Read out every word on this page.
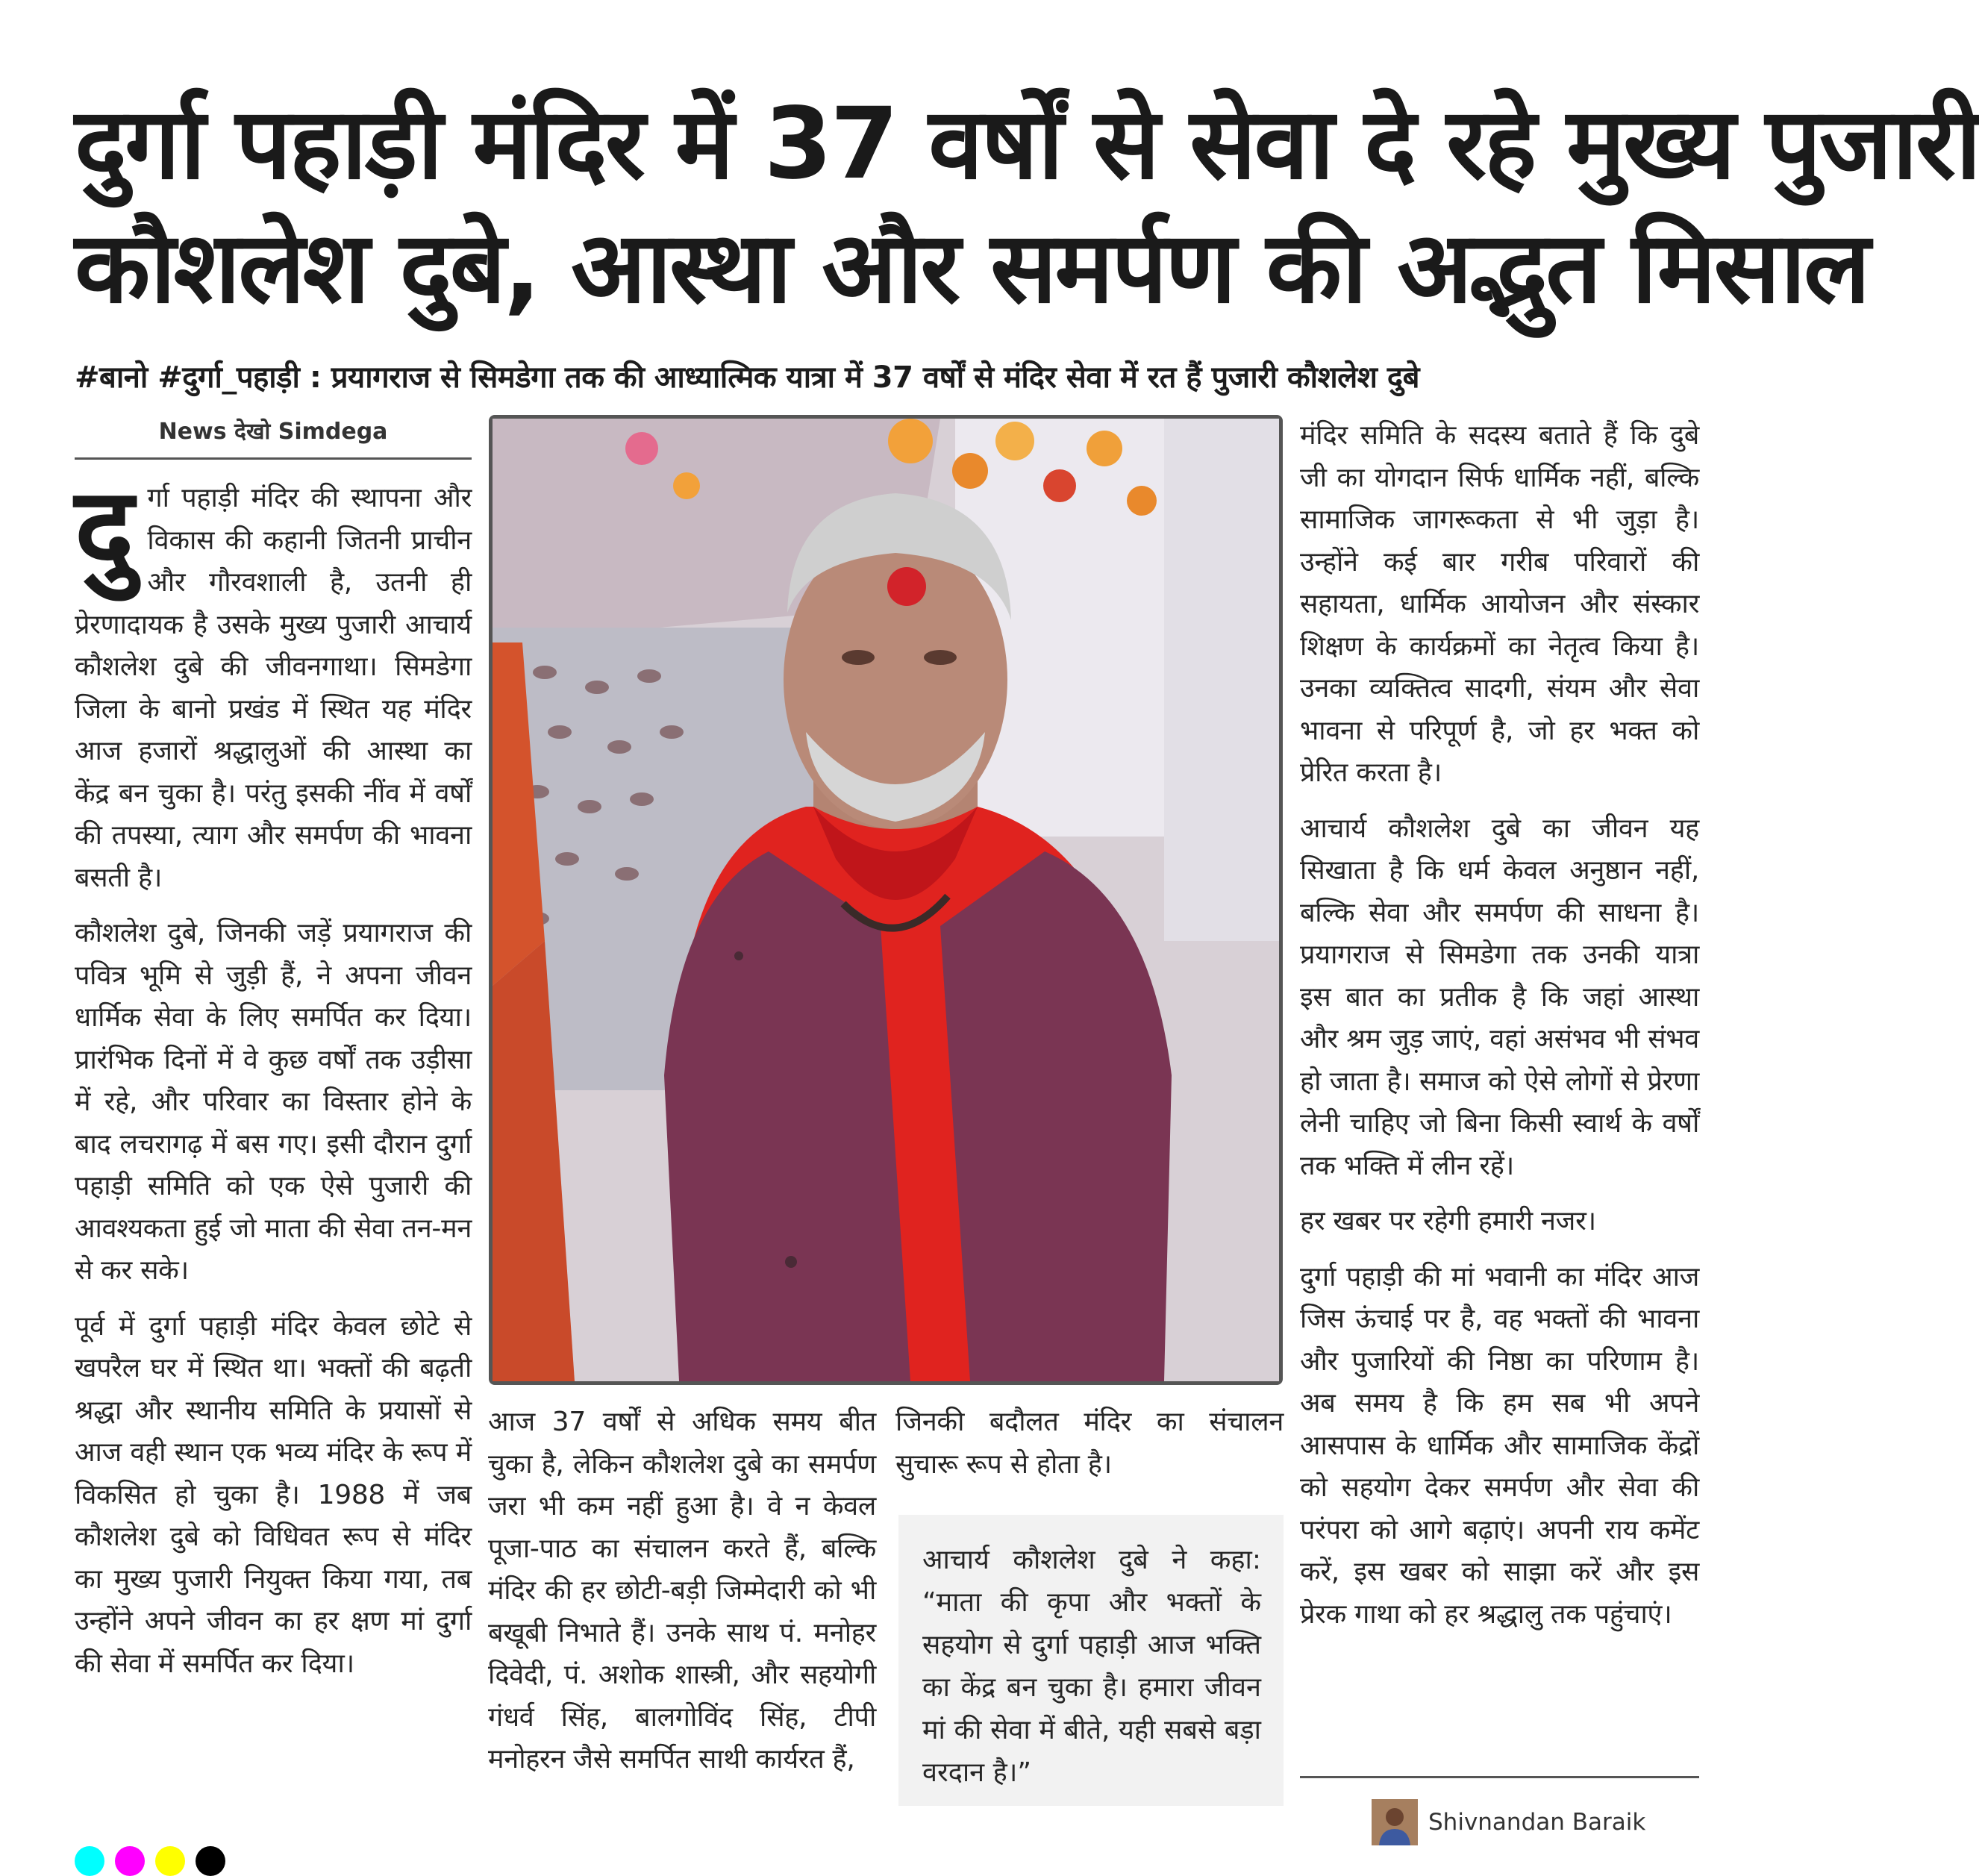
दुर्गा पहाड़ी मंदिर में 37 वर्षों से सेवा दे रहे मुख्य पुजारी
कौशलेश दुबे, आस्था और समर्पण की अद्भुत मिसाल
#बानो #दुर्गा_पहाड़ी : प्रयागराज से सिमडेगा तक की आध्यात्मिक यात्रा में 37 वर्षों से मंदिर सेवा में रत हैं पुजारी कौशलेश दुबे
News देखो Simdega

दुर्गा पहाड़ी मंदिर की स्थापना और विकास की कहानी जितनी प्राचीन और गौरवशाली है, उतनी ही प्रेरणादायक है उसके मुख्य पुजारी आचार्य कौशलेश दुबे की जीवनगाथा। सिमडेगा जिला के बानो प्रखंड में स्थित यह मंदिर आज हजारों श्रद्धालुओं की आस्था का केंद्र बन चुका है। परंतु इसकी नींव में वर्षों की तपस्या, त्याग और समर्पण की भावना बसती है।

कौशलेश दुबे, जिनकी जड़ें प्रयागराज की पवित्र भूमि से जुड़ी हैं, ने अपना जीवन धार्मिक सेवा के लिए समर्पित कर दिया। प्रारंभिक दिनों में वे कुछ वर्षों तक उड़ीसा में रहे, और परिवार का विस्तार होने के बाद लचरागढ़ में बस गए। इसी दौरान दुर्गा पहाड़ी समिति को एक ऐसे पुजारी की आवश्यकता हुई जो माता की सेवा तन-मन से कर सके।

पूर्व में दुर्गा पहाड़ी मंदिर केवल छोटे से खपरैल घर में स्थित था। भक्तों की बढ़ती श्रद्धा और स्थानीय समिति के प्रयासों से आज वही स्थान एक भव्य मंदिर के रूप में विकसित हो चुका है। 1988 में जब कौशलेश दुबे को विधिवत रूप से मंदिर का मुख्य पुजारी नियुक्त किया गया, तब उन्होंने अपने जीवन का हर क्षण मां दुर्गा की सेवा में समर्पित कर दिया।

आज 37 वर्षों से अधिक समय बीत चुका है, लेकिन कौशलेश दुबे का समर्पण जरा भी कम नहीं हुआ है। वे न केवल पूजा-पाठ का संचालन करते हैं, बल्कि मंदिर की हर छोटी-बड़ी जिम्मेदारी को भी बखूबी निभाते हैं। उनके साथ पं. मनोहर दिवेदी, पं. अशोक शास्त्री, और सहयोगी गंधर्व सिंह, बालगोविंद सिंह, टीपी मनोहरन जैसे समर्पित साथी कार्यरत हैं,

जिनकी बदौलत मंदिर का संचालन सुचारू रूप से होता है।

आचार्य कौशलेश दुबे ने कहा: “माता की कृपा और भक्तों के सहयोग से दुर्गा पहाड़ी आज भक्ति का केंद्र बन चुका है। हमारा जीवन मां की सेवा में बीते, यही सबसे बड़ा वरदान है।”

मंदिर समिति के सदस्य बताते हैं कि दुबे जी का योगदान सिर्फ धार्मिक नहीं, बल्कि सामाजिक जागरूकता से भी जुड़ा है। उन्होंने कई बार गरीब परिवारों की सहायता, धार्मिक आयोजन और संस्कार शिक्षण के कार्यक्रमों का नेतृत्व किया है। उनका व्यक्तित्व सादगी, संयम और सेवा भावना से परिपूर्ण है, जो हर भक्त को प्रेरित करता है।

आचार्य कौशलेश दुबे का जीवन यह सिखाता है कि धर्म केवल अनुष्ठान नहीं, बल्कि सेवा और समर्पण की साधना है। प्रयागराज से सिमडेगा तक उनकी यात्रा इस बात का प्रतीक है कि जहां आस्था और श्रम जुड़ जाएं, वहां असंभव भी संभव हो जाता है। समाज को ऐसे लोगों से प्रेरणा लेनी चाहिए जो बिना किसी स्वार्थ के वर्षों तक भक्ति में लीन रहें।

हर खबर पर रहेगी हमारी नजर।

दुर्गा पहाड़ी की मां भवानी का मंदिर आज जिस ऊंचाई पर है, वह भक्तों की भावना और पुजारियों की निष्ठा का परिणाम है। अब समय है कि हम सब भी अपने आसपास के धार्मिक और सामाजिक केंद्रों को सहयोग देकर समर्पण और सेवा की परंपरा को आगे बढ़ाएं। अपनी राय कमेंट करें, इस खबर को साझा करें और इस प्रेरक गाथा को हर श्रद्धालु तक पहुंचाएं।

Shivnandan Baraik
